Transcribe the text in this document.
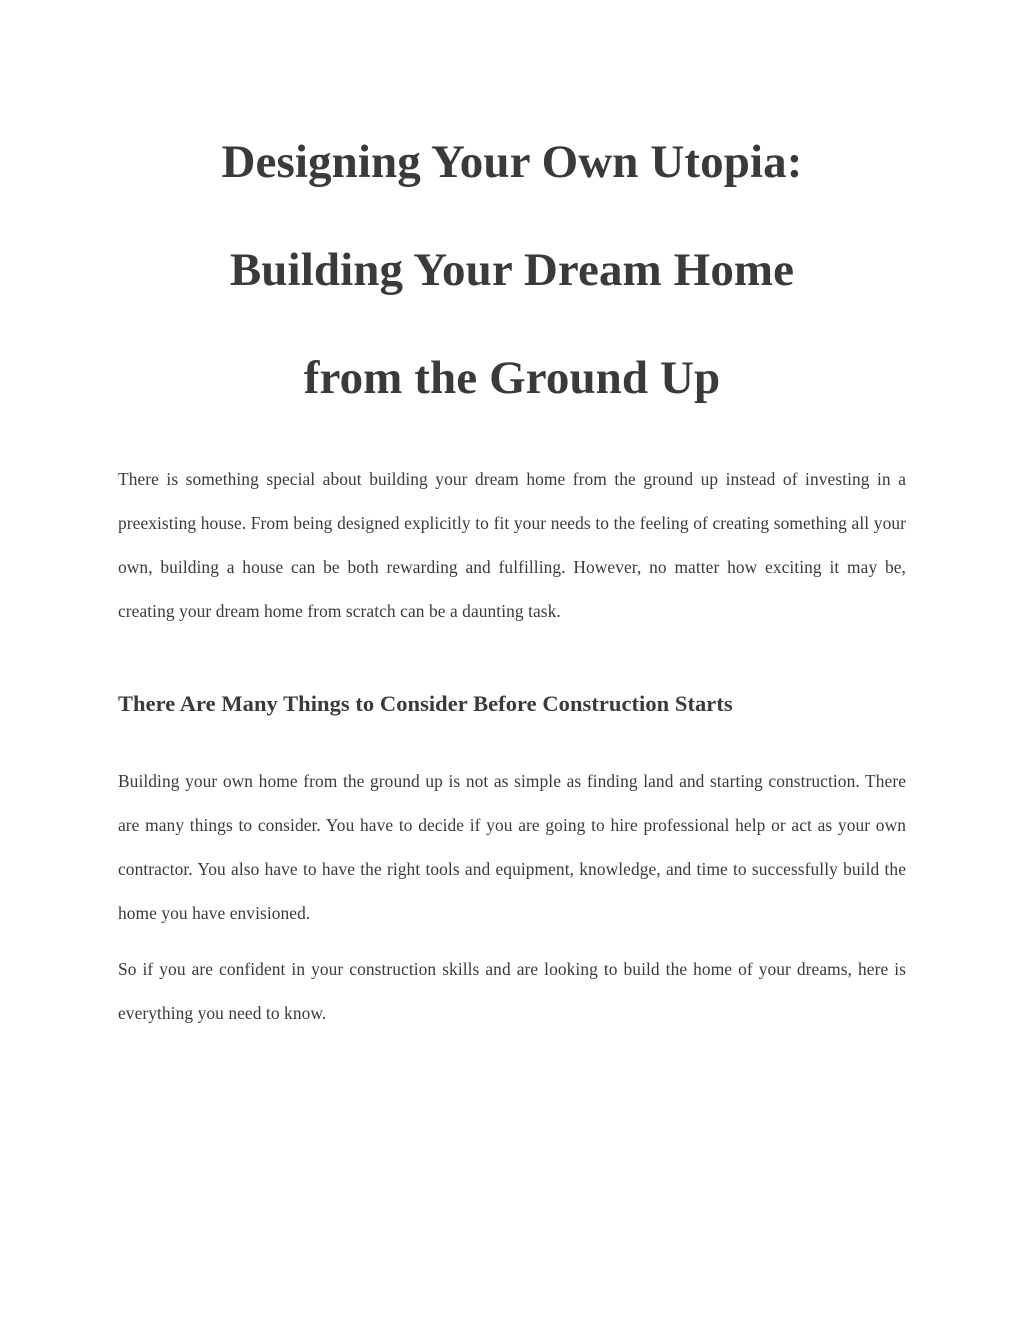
Designing Your Own Utopia:
Building Your Dream Home
from the Ground Up

There is something special about building your dream home from the ground up instead of investing in a preexisting house. From being designed explicitly to fit your needs to the feeling of creating something all your own, building a house can be both rewarding and fulfilling. However, no matter how exciting it may be, creating your dream home from scratch can be a daunting task.

There Are Many Things to Consider Before Construction Starts

Building your own home from the ground up is not as simple as finding land and starting construction. There are many things to consider. You have to decide if you are going to hire professional help or act as your own contractor. You also have to have the right tools and equipment, knowledge, and time to successfully build the home you have envisioned.

So if you are confident in your construction skills and are looking to build the home of your dreams, here is everything you need to know.
